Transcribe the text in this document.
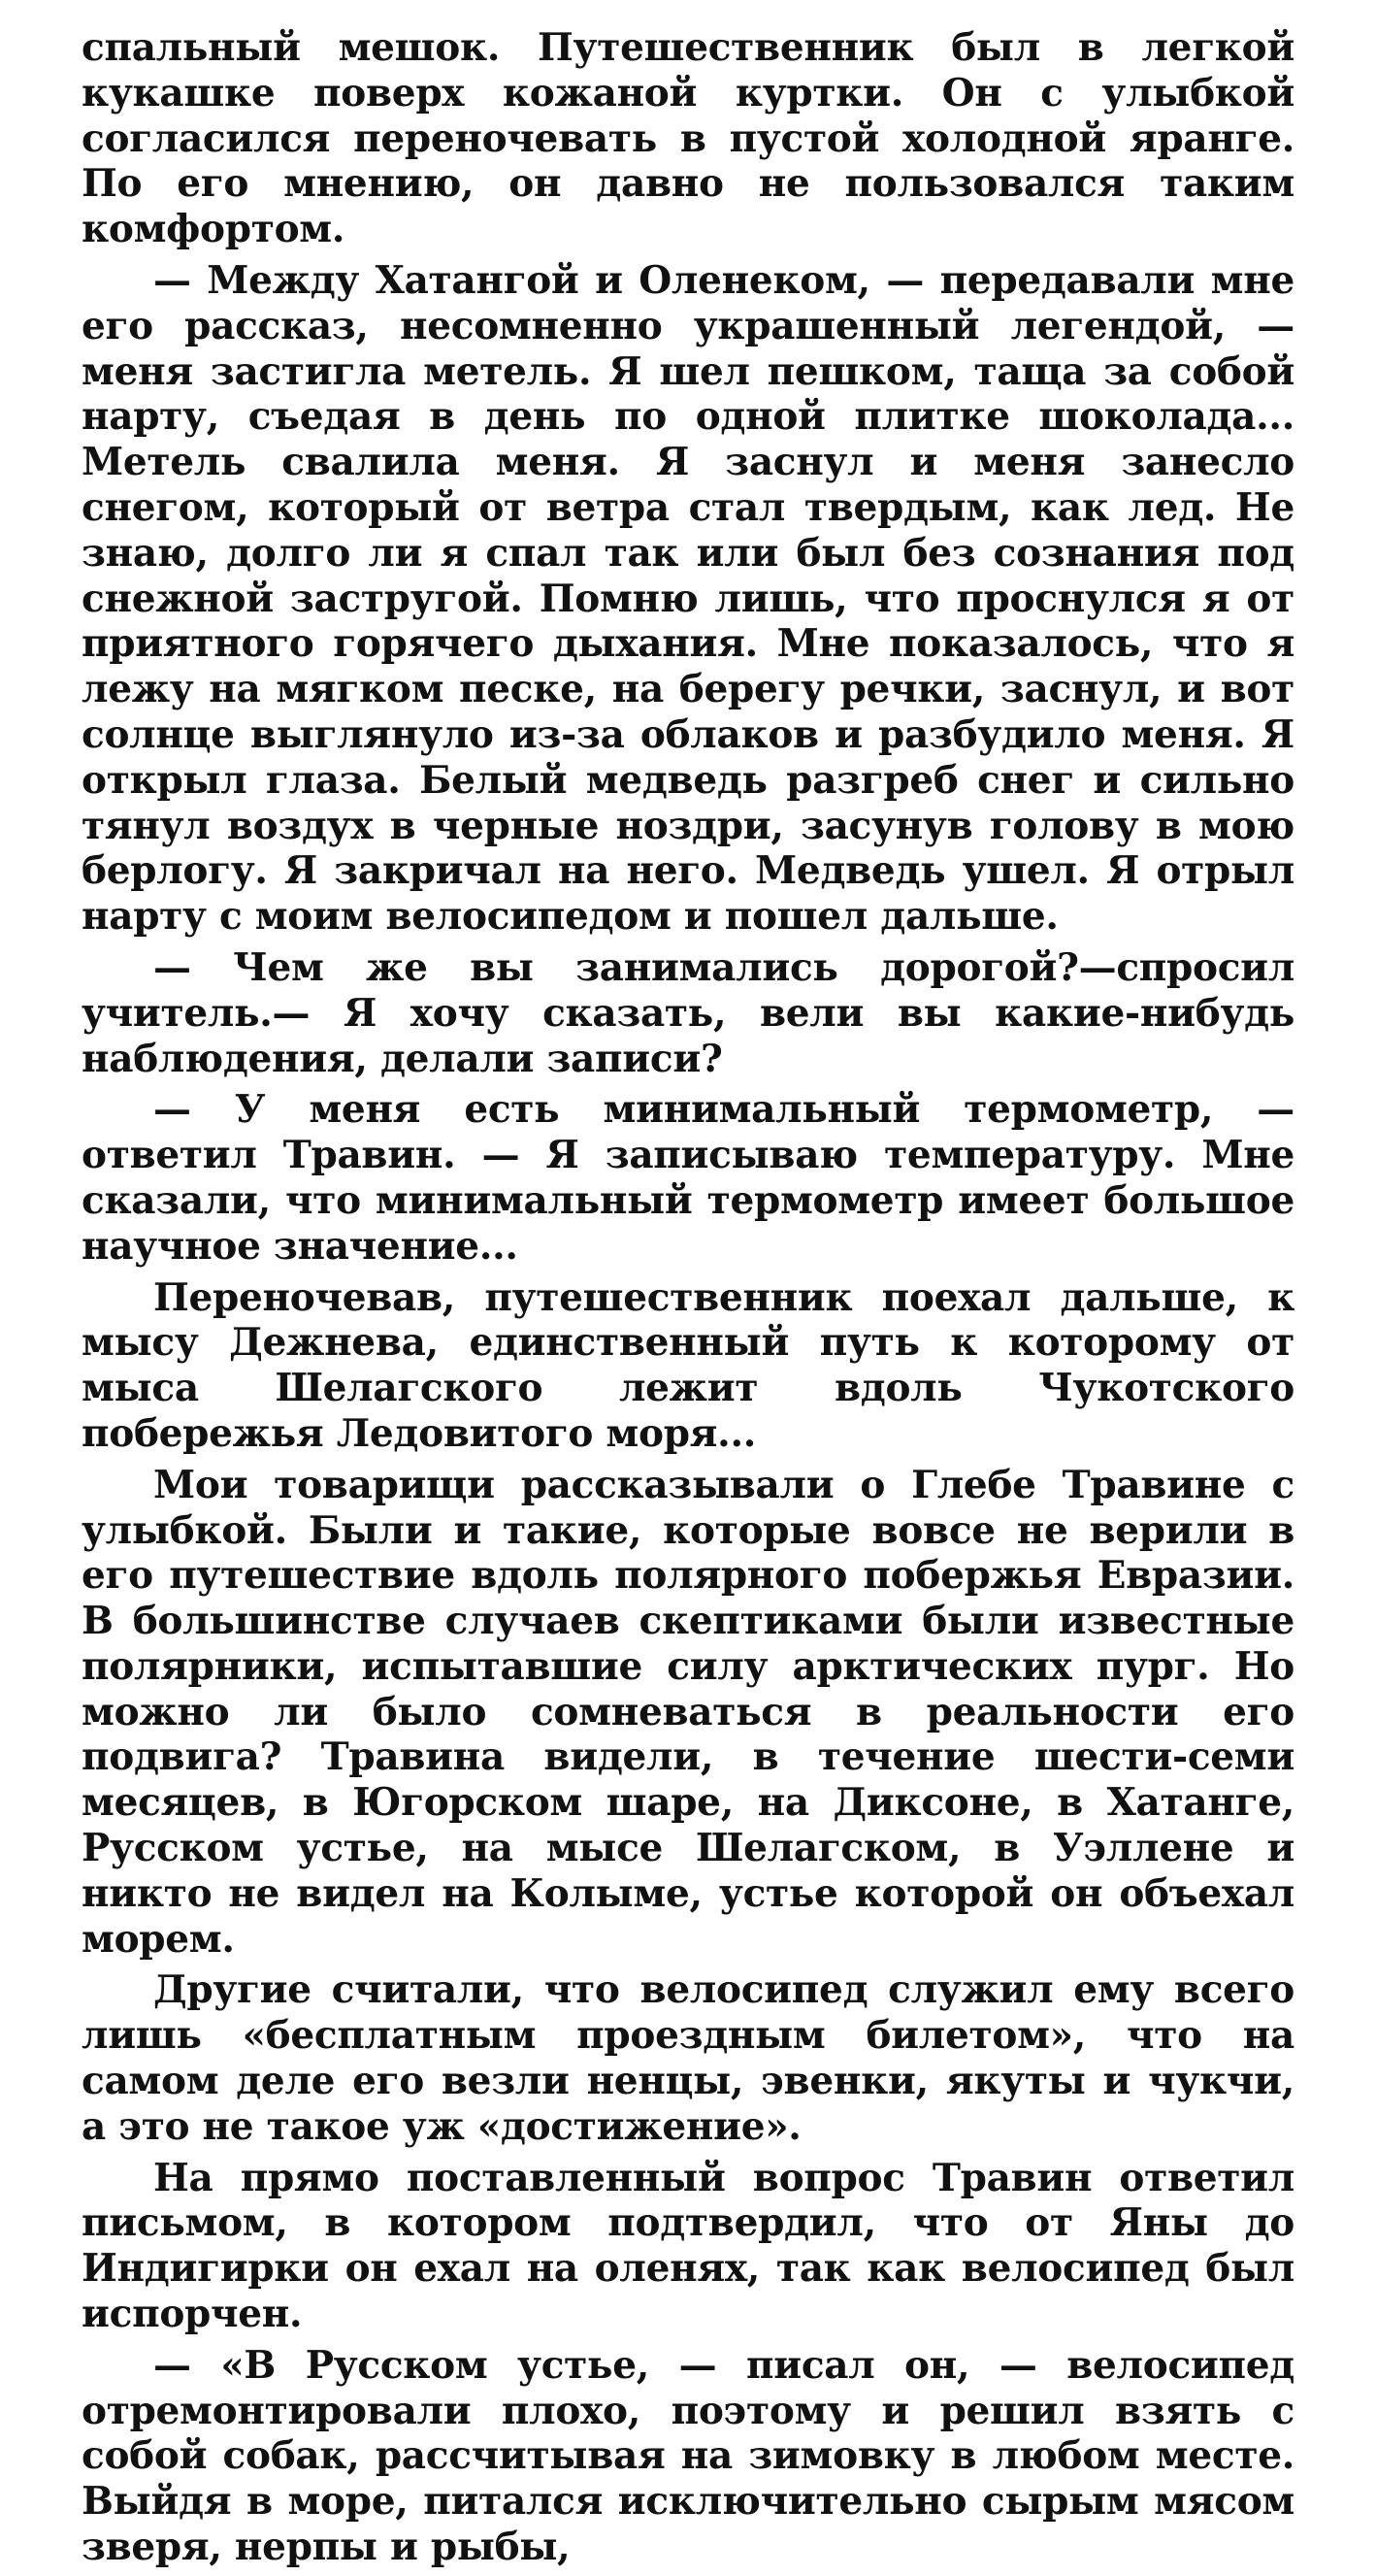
спальный мешок. Путешественник был в легкой кукашке поверх кожаной куртки. Он с улыбкой согласился переночевать в пустой холодной яранге. По его мнению, он давно не пользовался таким комфортом.

— Между Хатангой и Оленеком, — передавали мне его рассказ, несомненно украшенный легендой, — меня застигла метель. Я шел пешком, таща за собой нарту, съедая в день по одной плитке шоколада... Метель свалила меня. Я заснул и меня занесло снегом, который от ветра стал твердым, как лед. Не знаю, долго ли я спал так или был без сознания под снежной застругой. Помню лишь, что проснулся я от приятного горячего дыхания. Мне показалось, что я лежу на мягком песке, на берегу речки, заснул, и вот солнце выглянуло из-за облаков и разбудило меня. Я открыл глаза. Белый медведь разгреб снег и сильно тянул воздух в черные ноздри, засунув голову в мою берлогу. Я закричал на него. Медведь ушел. Я отрыл нарту с моим велосипедом и пошел дальше.

— Чем же вы занимались дорогой?—спросил учитель.— Я хочу сказать, вели вы какие-нибудь наблюдения, делали записи?

— У меня есть минимальный термометр, — ответил Травин. — Я записываю температуру. Мне сказали, что минимальный термометр имеет большое научное значение...

Переночевав, путешественник поехал дальше, к мысу Дежнева, единственный путь к которому от мыса Шелагского лежит вдоль Чукотского побережья Ледовитого моря...

Мои товарищи рассказывали о Глебе Травине с улыбкой. Были и такие, которые вовсе не верили в его путешествие вдоль полярного побержья Евразии. В большинстве случаев скептиками были известные полярники, испытавшие силу арктических пург. Но можно ли было сомневаться в реальности его подвига? Травина видели, в течение шести-семи месяцев, в Югорском шаре, на Диксоне, в Хатанге, Русском устье, на мысе Шелагском, в Уэллене и никто не видел на Колыме, устье которой он объехал морем.

Другие считали, что велосипед служил ему всего лишь «бесплатным проездным билетом», что на самом деле его везли ненцы, эвенки, якуты и чукчи, а это не такое уж «достижение».

На прямо поставленный вопрос Травин ответил письмом, в котором подтвердил, что от Яны до Индигирки он ехал на оленях, так как велосипед был испорчен.

— «В Русском устье, — писал он, — велосипед отремонтировали плохо, поэтому и решил взять с собой собак, рассчитывая на зимовку в любом месте. Выйдя в море, питался исключительно сырым мясом зверя, нерпы и рыбы,
